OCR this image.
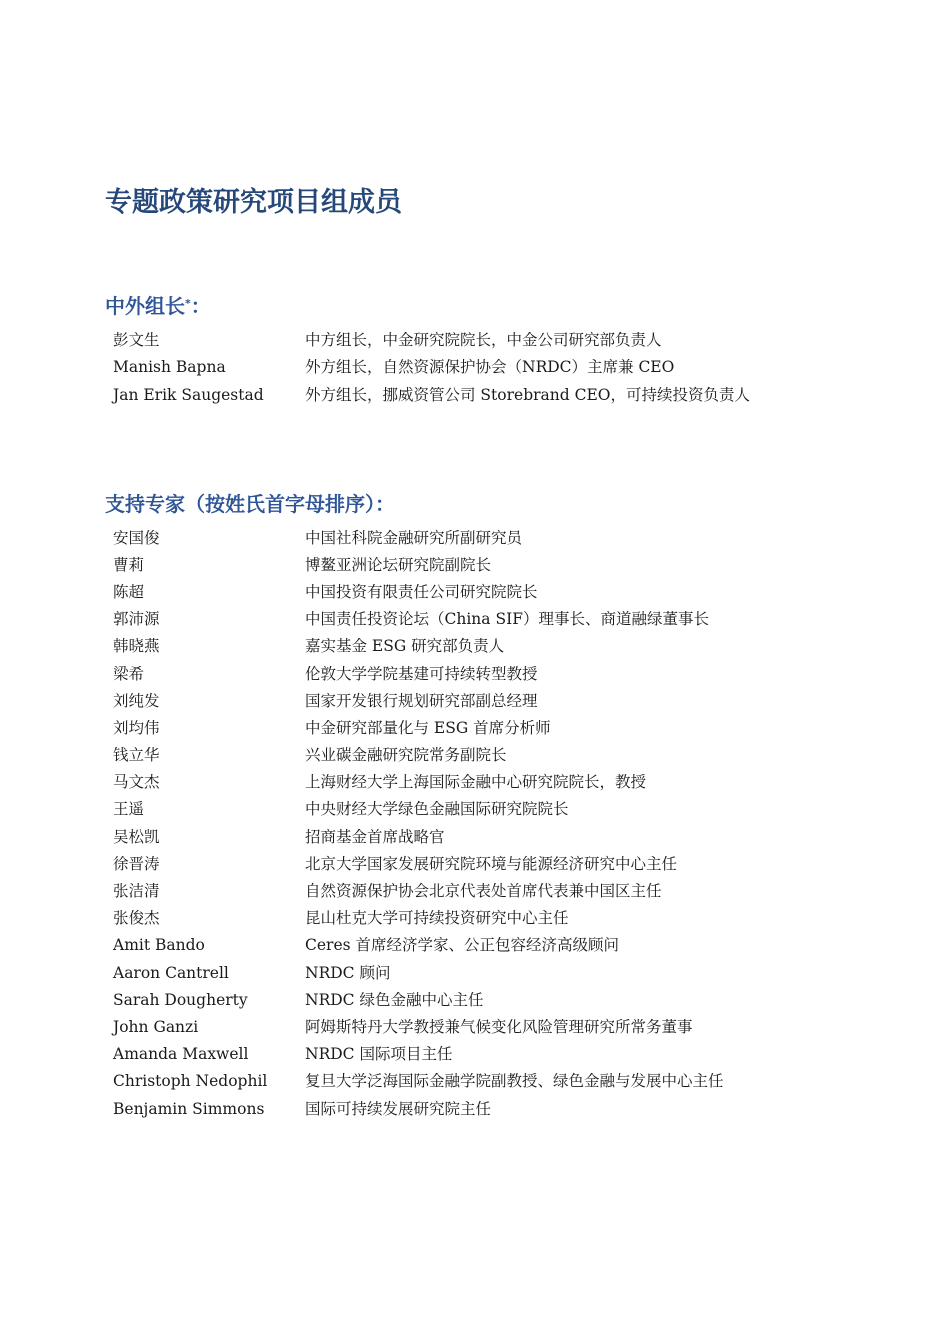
专题政策研究项目组成员
中外组长*：
彭文生	中方组长，中金研究院院长，中金公司研究部负责人
Manish Bapna	外方组长，自然资源保护协会（NRDC）主席兼 CEO
Jan Erik Saugestad	外方组长，挪威资管公司 Storebrand CEO，可持续投资负责人
支持专家（按姓氏首字母排序）：
安国俊	中国社科院金融研究所副研究员
曹莉	博鳌亚洲论坛研究院副院长
陈超	中国投资有限责任公司研究院院长
郭沛源	中国责任投资论坛（China SIF）理事长、商道融绿董事长
韩晓燕	嘉实基金 ESG 研究部负责人
梁希	伦敦大学学院基建可持续转型教授
刘纯发	国家开发银行规划研究部副总经理
刘均伟	中金研究部量化与 ESG 首席分析师
钱立华	兴业碳金融研究院常务副院长
马文杰	上海财经大学上海国际金融中心研究院院长，教授
王遥	中央财经大学绿色金融国际研究院院长
吴松凯	招商基金首席战略官
徐晋涛	北京大学国家发展研究院环境与能源经济研究中心主任
张洁清	自然资源保护协会北京代表处首席代表兼中国区主任
张俊杰	昆山杜克大学可持续投资研究中心主任
Amit Bando	Ceres 首席经济学家、公正包容经济高级顾问
Aaron Cantrell	NRDC 顾问
Sarah Dougherty	NRDC 绿色金融中心主任
John Ganzi	阿姆斯特丹大学教授兼气候变化风险管理研究所常务董事
Amanda Maxwell	NRDC 国际项目主任
Christoph Nedophil	复旦大学泛海国际金融学院副教授、绿色金融与发展中心主任
Benjamin Simmons	国际可持续发展研究院主任
